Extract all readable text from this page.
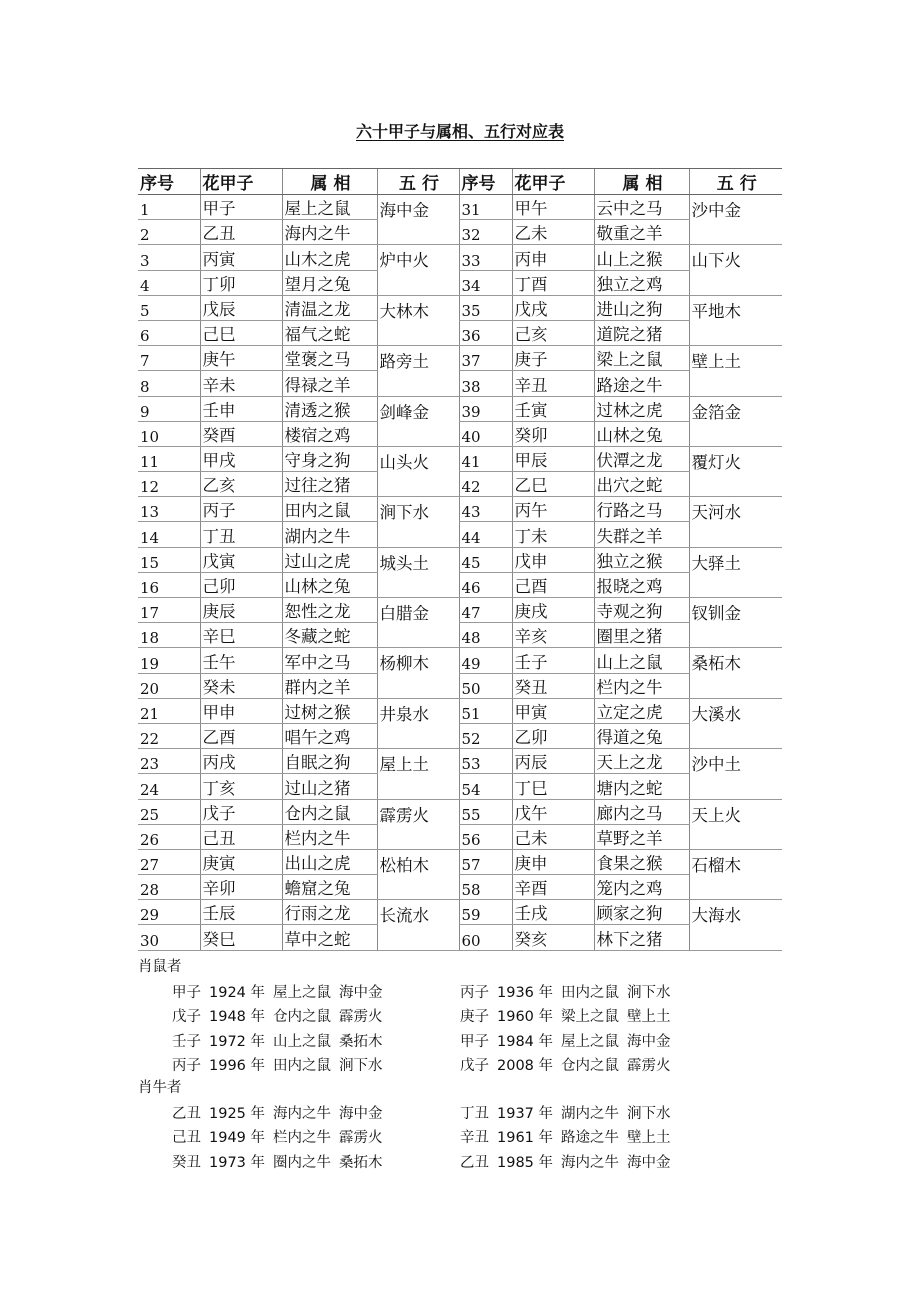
六十甲子与属相、五行对应表
序号	花甲子	属 相	五 行	序号	花甲子	属 相	五 行
1	甲子	屋上之鼠	海中金	31	甲午	云中之马	沙中金
2	乙丑	海内之牛		32	乙未	敬重之羊	
3	丙寅	山木之虎	炉中火	33	丙申	山上之猴	山下火
4	丁卯	望月之兔		34	丁酉	独立之鸡	
5	戊辰	清温之龙	大林木	35	戊戌	进山之狗	平地木
6	己巳	福气之蛇		36	己亥	道院之猪	
7	庚午	堂褒之马	路旁土	37	庚子	梁上之鼠	壁上土
8	辛未	得禄之羊		38	辛丑	路途之牛	
9	壬申	清透之猴	剑峰金	39	壬寅	过林之虎	金箔金
10	癸酉	楼宿之鸡		40	癸卯	山林之兔	
11	甲戌	守身之狗	山头火	41	甲辰	伏潭之龙	覆灯火
12	乙亥	过往之猪		42	乙巳	出穴之蛇	
13	丙子	田内之鼠	涧下水	43	丙午	行路之马	天河水
14	丁丑	湖内之牛		44	丁未	失群之羊	
15	戊寅	过山之虎	城头土	45	戊申	独立之猴	大驿土
16	己卯	山林之兔		46	己酉	报晓之鸡	
17	庚辰	恕性之龙	白腊金	47	庚戌	寺观之狗	钗钏金
18	辛巳	冬藏之蛇		48	辛亥	圈里之猪	
19	壬午	军中之马	杨柳木	49	壬子	山上之鼠	桑柘木
20	癸未	群内之羊		50	癸丑	栏内之牛	
21	甲申	过树之猴	井泉水	51	甲寅	立定之虎	大溪水
22	乙酉	唱午之鸡		52	乙卯	得道之兔	
23	丙戌	自眠之狗	屋上土	53	丙辰	天上之龙	沙中土
24	丁亥	过山之猪		54	丁巳	塘内之蛇	
25	戊子	仓内之鼠	霹雳火	55	戊午	廊内之马	天上火
26	己丑	栏内之牛		56	己未	草野之羊	
27	庚寅	出山之虎	松柏木	57	庚申	食果之猴	石榴木
28	辛卯	蟾窟之兔		58	辛酉	笼内之鸡	
29	壬辰	行雨之龙	长流水	59	壬戌	顾家之狗	大海水
30	癸巳	草中之蛇		60	癸亥	林下之猪	
肖鼠者
甲子 1924 年 屋上之鼠 海中金	丙子 1936 年 田内之鼠 涧下水
戊子 1948 年 仓内之鼠 霹雳火	庚子 1960 年 梁上之鼠 壁上土
壬子 1972 年 山上之鼠 桑拓木	甲子 1984 年 屋上之鼠 海中金
丙子 1996 年 田内之鼠 涧下水	戊子 2008 年 仓内之鼠 霹雳火
肖牛者
乙丑 1925 年 海内之牛 海中金	丁丑 1937 年 湖内之牛 涧下水
己丑 1949 年 栏内之牛 霹雳火	辛丑 1961 年 路途之牛 壁上土
癸丑 1973 年 圈内之牛 桑拓木	乙丑 1985 年 海内之牛 海中金
